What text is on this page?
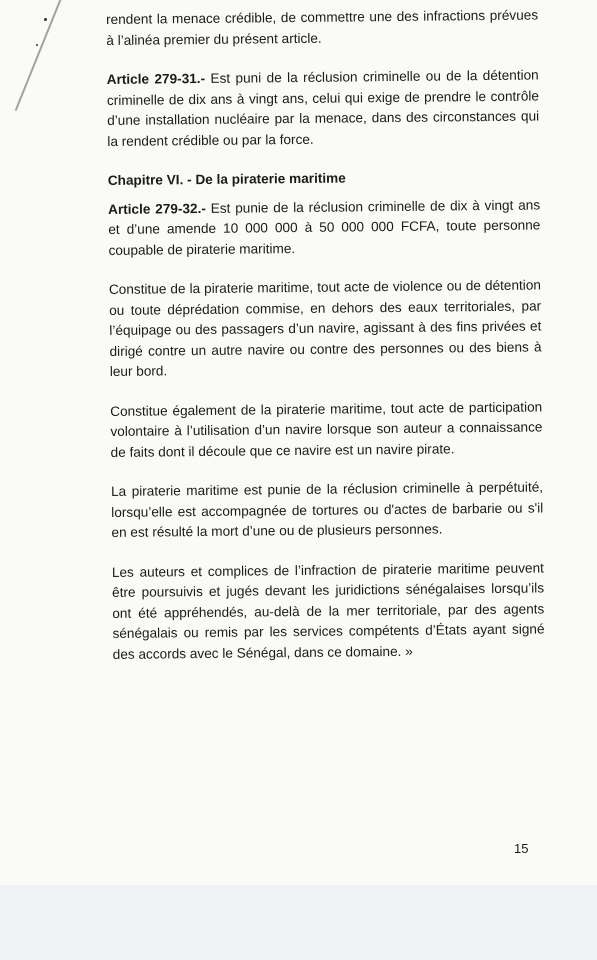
rendent la menace crédible, de commettre une des infractions prévues à l’alinéa premier du présent article.

Article 279-31.- Est puni de la réclusion criminelle ou de la détention criminelle de dix ans à vingt ans, celui qui exige de prendre le contrôle d’une installation nucléaire par la menace, dans des circonstances qui la rendent crédible ou par la force.

Chapitre VI. - De la piraterie maritime

Article 279-32.- Est punie de la réclusion criminelle de dix à vingt ans et d’une amende 10 000 000 à 50 000 000 FCFA, toute personne coupable de piraterie maritime.

Constitue de la piraterie maritime, tout acte de violence ou de détention ou toute déprédation commise, en dehors des eaux territoriales, par l’équipage ou des passagers d’un navire, agissant à des fins privées et dirigé contre un autre navire ou contre des personnes ou des biens à leur bord.

Constitue également de la piraterie maritime, tout acte de participation volontaire à l’utilisation d’un navire lorsque son auteur a connaissance de faits dont il découle que ce navire est un navire pirate.

La piraterie maritime est punie de la réclusion criminelle à perpétuité, lorsqu’elle est accompagnée de tortures ou d'actes de barbarie ou s'il en est résulté la mort d’une ou de plusieurs personnes.

Les auteurs et complices de l’infraction de piraterie maritime peuvent être poursuivis et jugés devant les juridictions sénégalaises lorsqu’ils ont été appréhendés, au-delà de la mer territoriale, par des agents sénégalais ou remis par les services compétents d’États ayant signé des accords avec le Sénégal, dans ce domaine. »

15
